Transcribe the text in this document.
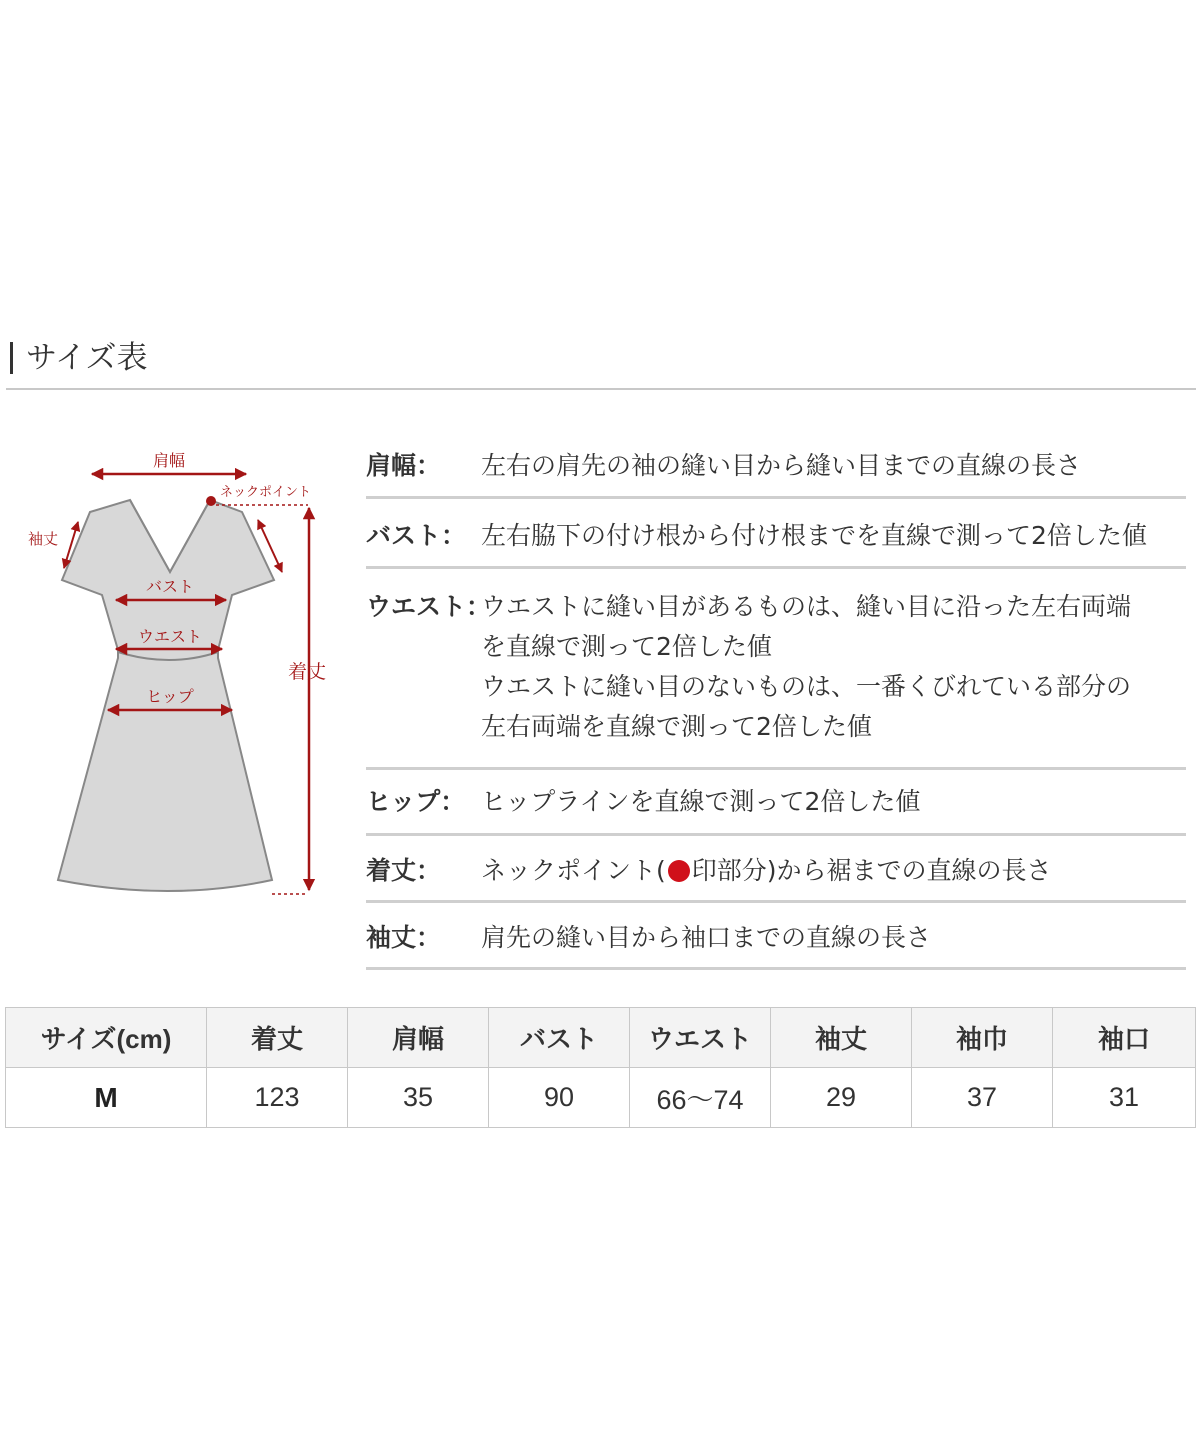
サイズ表
肩幅
ネックポイント
袖丈
バスト
ウエスト
ヒップ
着丈
肩幅： 左右の肩先の袖の縫い目から縫い目までの直線の長さ
バスト： 左右脇下の付け根から付け根までを直線で測って2倍した値
ウエスト：
ウエストに縫い目があるものは、縫い目に沿った左右両端
を直線で測って2倍した値
ウエストに縫い目のないものは、一番くびれている部分の
左右両端を直線で測って2倍した値
ヒップ： ヒップラインを直線で測って2倍した値
着丈： ネックポイント( 印部分)から裾までの直線の長さ
袖丈： 肩先の縫い目から袖口までの直線の長さ
サイズ(cm)	着丈	肩幅	バスト	ウエスト	袖丈	袖巾	袖口
M	123	35	90	66〜74	29	37	31
